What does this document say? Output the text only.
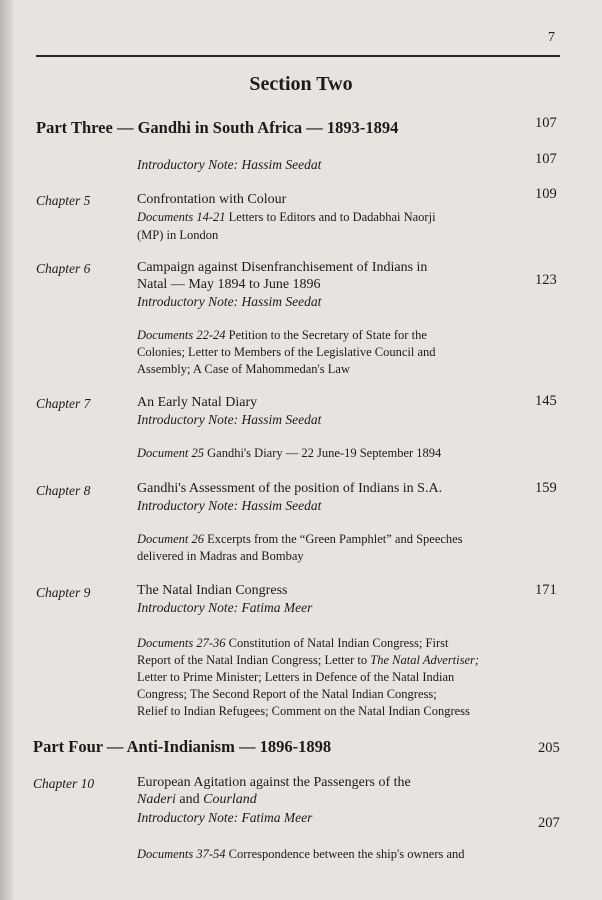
7
Section Two
Part Three — Gandhi in South Africa — 1893-1894	107
Introductory Note: Hassim Seedat	107
Chapter 5	Confrontation with Colour	109
Documents 14-21 Letters to Editors and to Dadabhai Naorji
(MP) in London
Chapter 6	Campaign against Disenfranchisement of Indians in
Natal — May 1894 to June 1896	123
Introductory Note: Hassim Seedat
Documents 22-24 Petition to the Secretary of State for the
Colonies; Letter to Members of the Legislative Council and
Assembly; A Case of Mahommedan's Law
Chapter 7	An Early Natal Diary	145
Introductory Note: Hassim Seedat
Document 25 Gandhi's Diary — 22 June-19 September 1894
Chapter 8	Gandhi's Assessment of the position of Indians in S.A.	159
Introductory Note: Hassim Seedat
Document 26 Excerpts from the “Green Pamphlet” and Speeches
delivered in Madras and Bombay
Chapter 9	The Natal Indian Congress	171
Introductory Note: Fatima Meer
Documents 27-36 Constitution of Natal Indian Congress; First
Report of the Natal Indian Congress; Letter to The Natal Advertiser;
Letter to Prime Minister; Letters in Defence of the Natal Indian
Congress; The Second Report of the Natal Indian Congress;
Relief to Indian Refugees; Comment on the Natal Indian Congress
Part Four — Anti-Indianism — 1896-1898	205
Chapter 10	European Agitation against the Passengers of the
Naderi and Courland
Introductory Note: Fatima Meer	207
Documents 37-54 Correspondence between the ship's owners and
